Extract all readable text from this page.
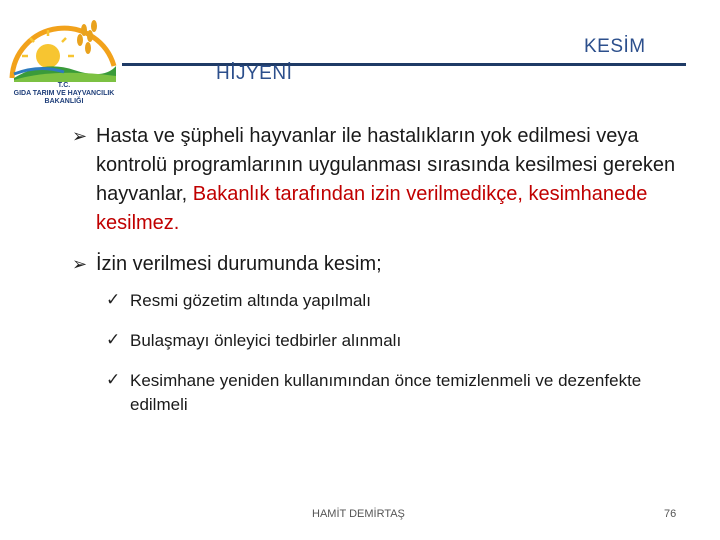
T.C.
GIDA TARIM VE HAYVANCILIK
BAKANLIĞI
KESİM
HİJYENİ
➢ Hasta ve şüpheli hayvanlar ile hastalıkların yok edilmesi veya kontrolü programlarının uygulanması sırasında kesilmesi gereken hayvanlar, Bakanlık tarafından izin verilmedikçe, kesimhanede kesilmez.
➢ İzin verilmesi durumunda kesim;
✓ Resmi gözetim altında yapılmalı
✓ Bulaşmayı önleyici tedbirler alınmalı
✓ Kesimhane yeniden kullanımından önce temizlenmeli ve dezenfekte edilmeli
HAMİT DEMİRTAŞ	76
